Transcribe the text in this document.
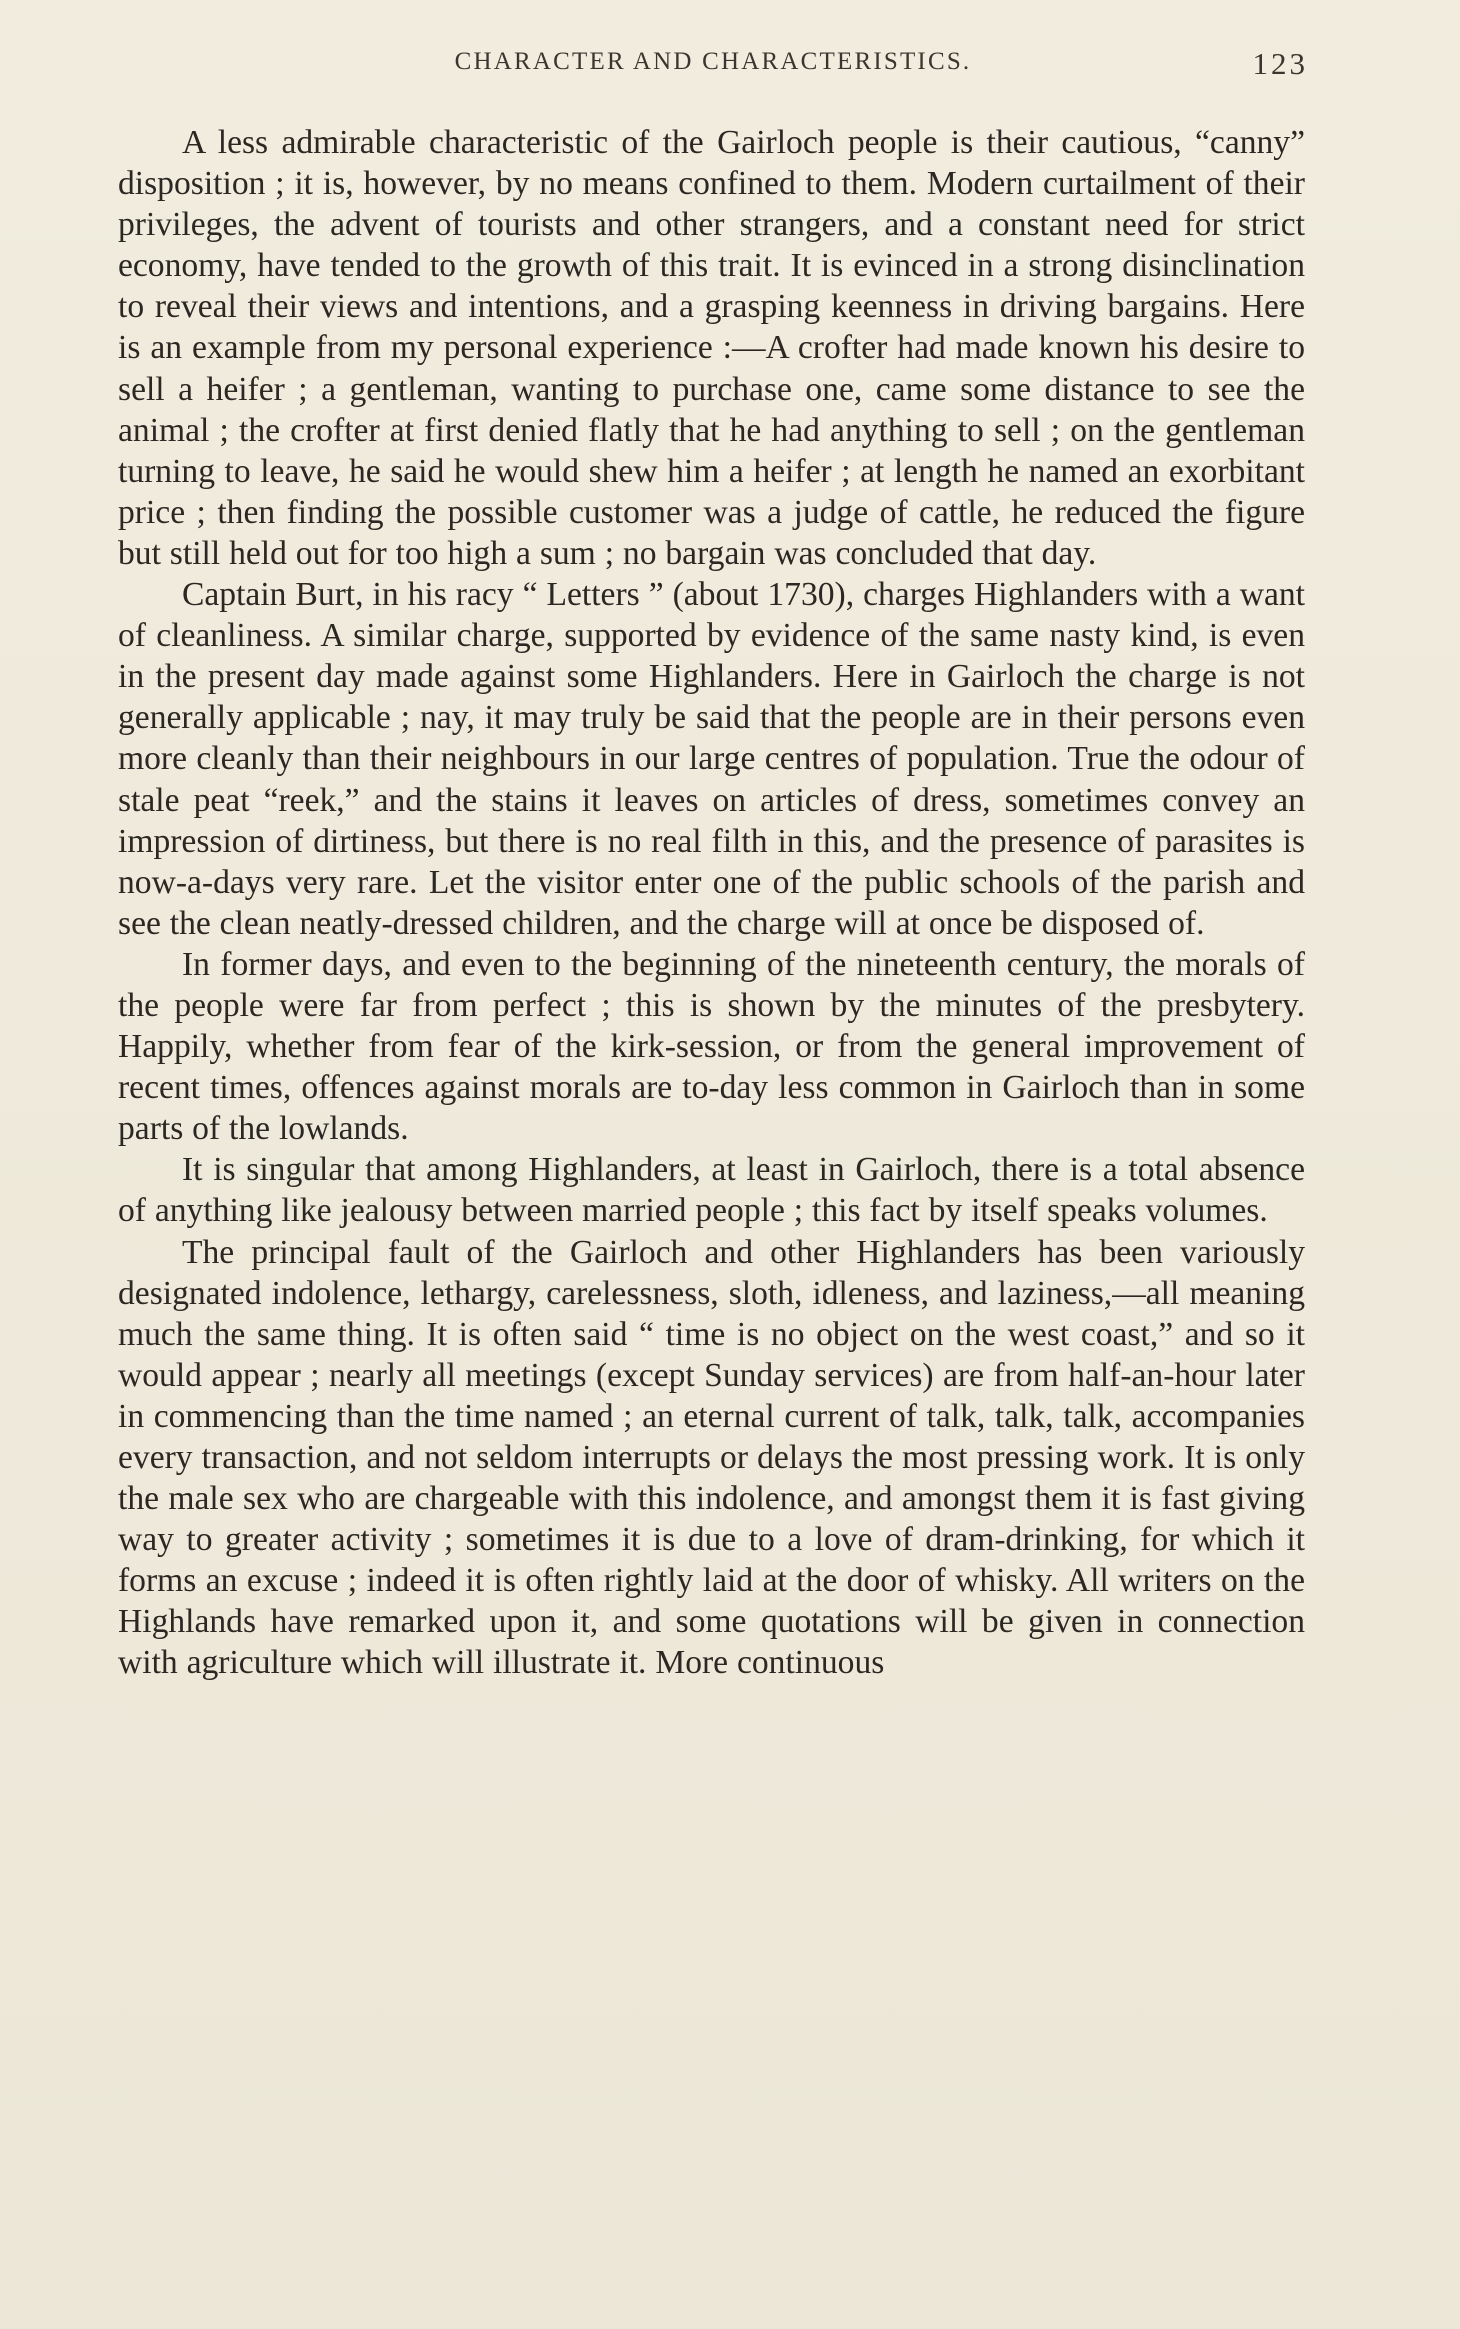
CHARACTER AND CHARACTERISTICS.	123

A less admirable characteristic of the Gairloch people is their cautious, “canny” disposition ; it is, however, by no means confined to them. Modern curtailment of their privileges, the advent of tourists and other strangers, and a constant need for strict economy, have tended to the growth of this trait. It is evinced in a strong disinclination to reveal their views and intentions, and a grasping keenness in driving bargains. Here is an example from my personal experience :—A crofter had made known his desire to sell a heifer ; a gentleman, wanting to purchase one, came some distance to see the animal ; the crofter at first denied flatly that he had anything to sell ; on the gentleman turning to leave, he said he would shew him a heifer ; at length he named an exorbitant price ; then finding the possible customer was a judge of cattle, he reduced the figure but still held out for too high a sum ; no bargain was concluded that day.

Captain Burt, in his racy “ Letters ” (about 1730), charges Highlanders with a want of cleanliness. A similar charge, supported by evidence of the same nasty kind, is even in the present day made against some Highlanders. Here in Gairloch the charge is not generally applicable ; nay, it may truly be said that the people are in their persons even more cleanly than their neighbours in our large centres of population. True the odour of stale peat “reek,” and the stains it leaves on articles of dress, sometimes convey an impression of dirtiness, but there is no real filth in this, and the presence of parasites is now-a-days very rare. Let the visitor enter one of the public schools of the parish and see the clean neatly-dressed children, and the charge will at once be disposed of.

In former days, and even to the beginning of the nineteenth century, the morals of the people were far from perfect ; this is shown by the minutes of the presbytery. Happily, whether from fear of the kirk-session, or from the general improvement of recent times, offences against morals are to-day less common in Gairloch than in some parts of the lowlands.

It is singular that among Highlanders, at least in Gairloch, there is a total absence of anything like jealousy between married people ; this fact by itself speaks volumes.

The principal fault of the Gairloch and other Highlanders has been variously designated indolence, lethargy, carelessness, sloth, idleness, and laziness,—all meaning much the same thing. It is often said “ time is no object on the west coast,” and so it would appear ; nearly all meetings (except Sunday services) are from half-an-hour later in commencing than the time named ; an eternal current of talk, talk, talk, accompanies every transaction, and not seldom interrupts or delays the most pressing work. It is only the male sex who are chargeable with this indolence, and amongst them it is fast giving way to greater activity ; sometimes it is due to a love of dram-drinking, for which it forms an excuse ; indeed it is often rightly laid at the door of whisky. All writers on the Highlands have remarked upon it, and some quotations will be given in connection with agriculture which will illustrate it. More continuous
